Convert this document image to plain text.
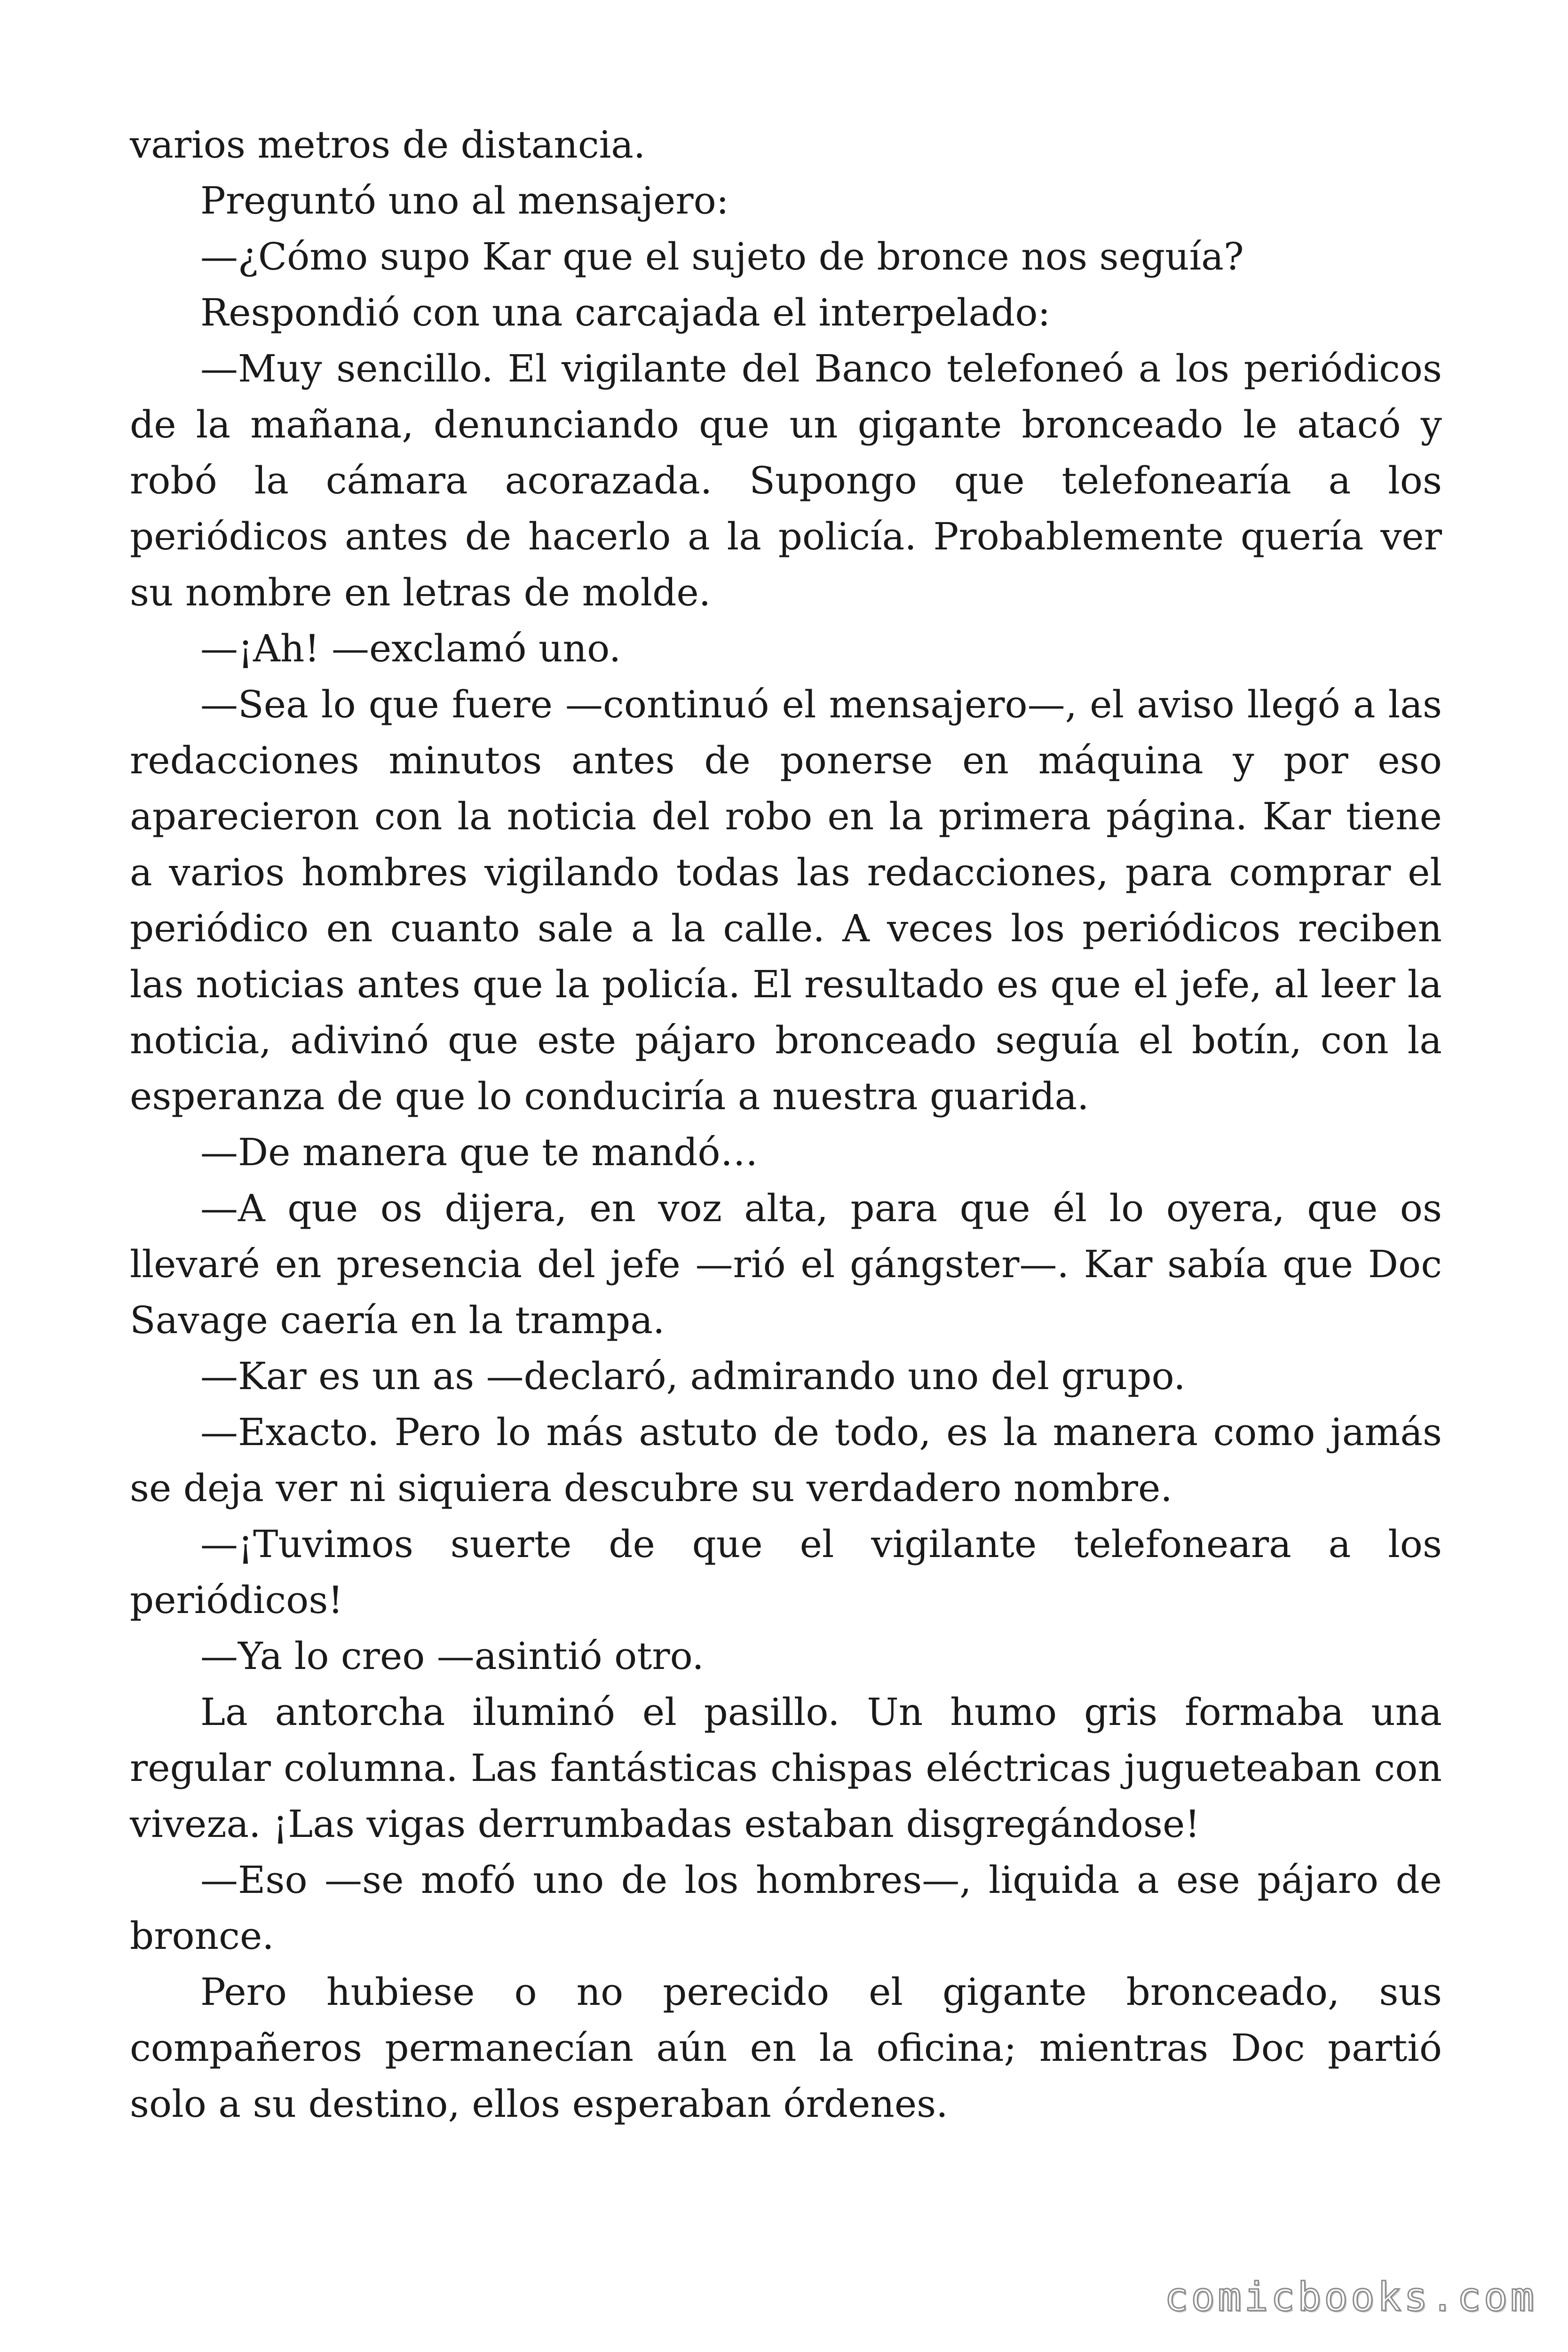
varios metros de distancia.

Preguntó uno al mensajero:

—¿Cómo supo Kar que el sujeto de bronce nos seguía?

Respondió con una carcajada el interpelado:

—Muy sencillo. El vigilante del Banco telefoneó a los periódicos de la mañana, denunciando que un gigante bronceado le atacó y robó la cámara acorazada. Supongo que telefonearía a los periódicos antes de hacerlo a la policía. Probablemente quería ver su nombre en letras de molde.

—¡Ah! —exclamó uno.

—Sea lo que fuere —continuó el mensajero—, el aviso llegó a las redacciones minutos antes de ponerse en máquina y por eso aparecieron con la noticia del robo en la primera página. Kar tiene a varios hombres vigilando todas las redacciones, para comprar el periódico en cuanto sale a la calle. A veces los periódicos reciben las noticias antes que la policía. El resultado es que el jefe, al leer la noticia, adivinó que este pájaro bronceado seguía el botín, con la esperanza de que lo conduciría a nuestra guarida.

—De manera que te mandó…

—A que os dijera, en voz alta, para que él lo oyera, que os llevaré en presencia del jefe —rió el gángster—. Kar sabía que Doc Savage caería en la trampa.

—Kar es un as —declaró, admirando uno del grupo.

—Exacto. Pero lo más astuto de todo, es la manera como jamás se deja ver ni siquiera descubre su verdadero nombre.

—¡Tuvimos suerte de que el vigilante telefoneara a los periódicos!

—Ya lo creo —asintió otro.

La antorcha iluminó el pasillo. Un humo gris formaba una regular columna. Las fantásticas chispas eléctricas jugueteaban con viveza. ¡Las vigas derrumbadas estaban disgregándose!

—Eso —se mofó uno de los hombres—, liquida a ese pájaro de bronce.

Pero hubiese o no perecido el gigante bronceado, sus compañeros permanecían aún en la oficina; mientras Doc partió solo a su destino, ellos esperaban órdenes.

comicbooks.com
